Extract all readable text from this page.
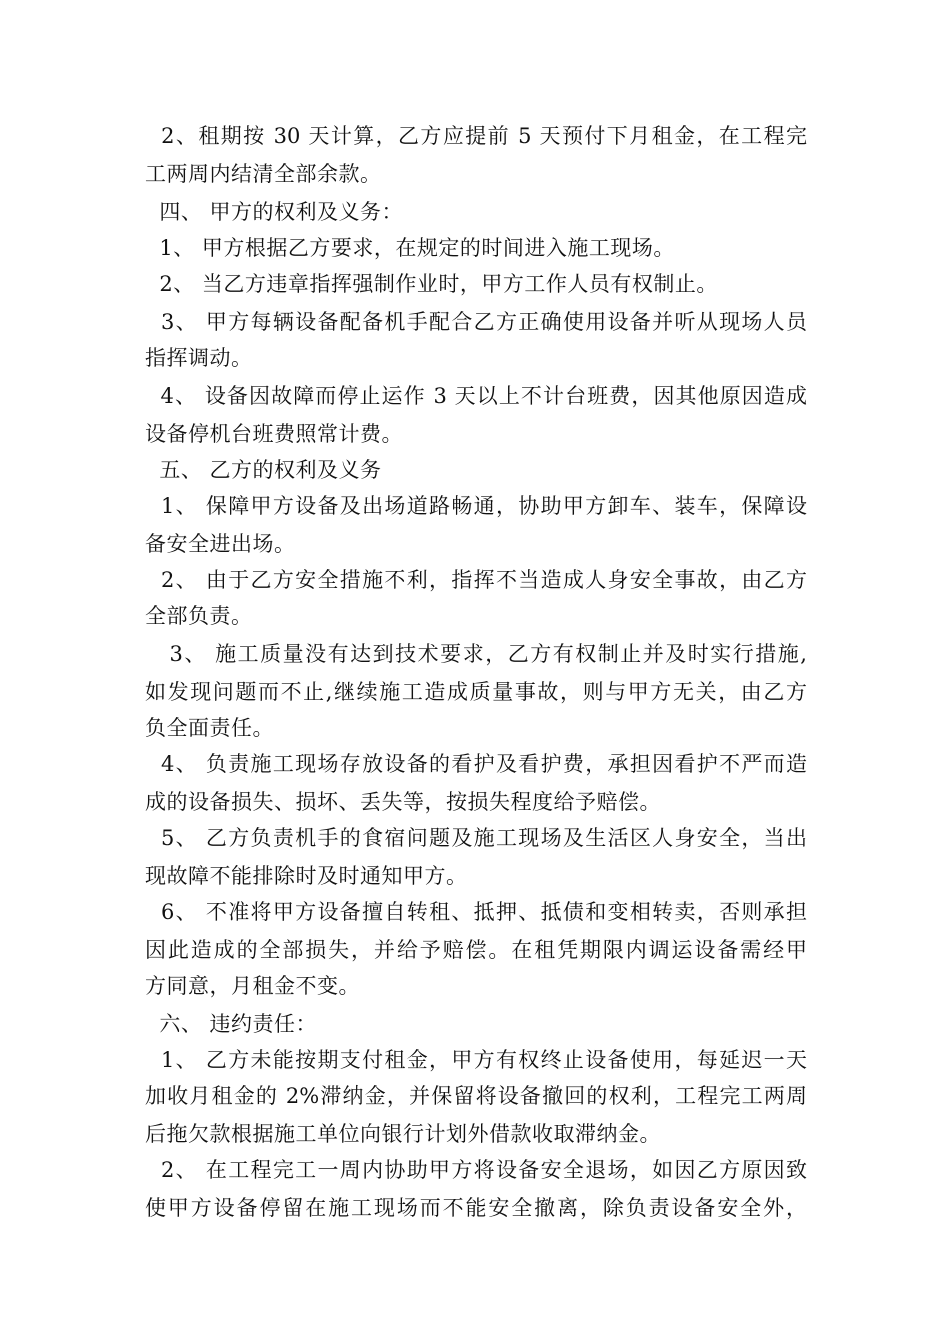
2、租期按 30 天计算，乙方应提前 5 天预付下月租金，在工程完
工两周内结清全部余款。
四、 甲方的权利及义务：
1、 甲方根据乙方要求，在规定的时间进入施工现场。
2、 当乙方违章指挥强制作业时，甲方工作人员有权制止。
3、 甲方每辆设备配备机手配合乙方正确使用设备并听从现场人员
指挥调动。
4、 设备因故障而停止运作 3 天以上不计台班费，因其他原因造成
设备停机台班费照常计费。
五、 乙方的权利及义务
1、 保障甲方设备及出场道路畅通，协助甲方卸车、装车，保障设
备安全进出场。
2、 由于乙方安全措施不利，指挥不当造成人身安全事故，由乙方
全部负责。
3、 施工质量没有达到技术要求，乙方有权制止并及时实行措施,
如发现问题而不止,继续施工造成质量事故，则与甲方无关，由乙方
负全面责任。
4、 负责施工现场存放设备的看护及看护费，承担因看护不严而造
成的设备损失、损坏、丢失等，按损失程度给予赔偿。
5、 乙方负责机手的食宿问题及施工现场及生活区人身安全，当出
现故障不能排除时及时通知甲方。
6、 不准将甲方设备擅自转租、抵押、抵债和变相转卖，否则承担
因此造成的全部损失，并给予赔偿。在租凭期限内调运设备需经甲
方同意，月租金不变。
六、 违约责任：
1、 乙方未能按期支付租金，甲方有权终止设备使用，每延迟一天
加收月租金的 2%滞纳金，并保留将设备撤回的权利，工程完工两周
后拖欠款根据施工单位向银行计划外借款收取滞纳金。
2、 在工程完工一周内协助甲方将设备安全退场，如因乙方原因致
使甲方设备停留在施工现场而不能安全撤离，除负责设备安全外，
